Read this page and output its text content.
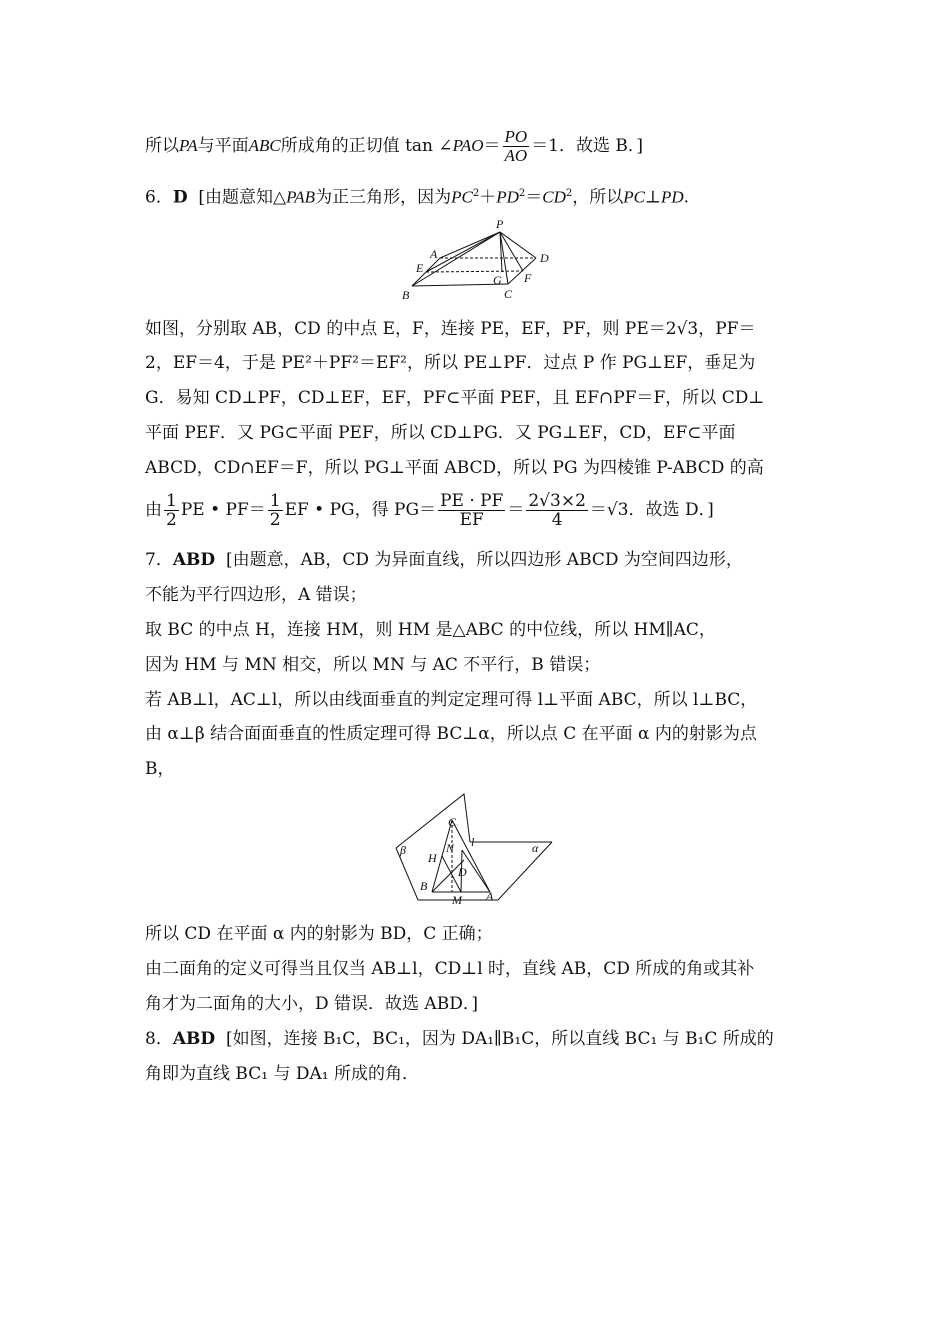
所以PA与平面ABC所成角的正切值 tan ∠PAO＝ $\frac{PO}{AO} =1$．故选 B．]
6．D [由题意知△PAB为正三角形，因为$PC^2+PD^2=CD^2$，所以PC⊥PD.
P
A
E
B
D
F
G
C
如图，分别取 AB，CD 的中点 E，F，连接 PE，EF，PF，则 PE＝2√3，PF＝
2，EF＝4，于是 PE²＋PF²＝EF²，所以 PE⊥PF．过点 P 作 PG⊥EF，垂足为
G．易知 CD⊥PF，CD⊥EF，EF，PF⊂平面 PEF，且 EF∩PF＝F，所以 CD⊥
平面 PEF．又 PG⊂平面 PEF，所以 CD⊥PG．又 PG⊥EF，CD，EF⊂平面
ABCD，CD∩EF＝F，所以 PG⊥平面 ABCD，所以 PG 为四棱锥 P-ABCD 的高
由 $\frac{1}{2}$ PE • $PF= \frac{1}{2}$ EF • PG，得 $PG= \frac{PE \cdot PF}{EF} = \frac{2√3\times 2}{4} =√3$．故选 D．]
7．ABD [由题意，AB，CD 为异面直线，所以四边形 ABCD 为空间四边形，
不能为平行四边形，A 错误；
取 BC 的中点 H，连接 HM，则 HM 是△ABC 的中位线，所以 HM∥AC，
因为 HM 与 MN 相交，所以 MN 与 AC 不平行，B 错误；
若 AB⊥l，AC⊥l，所以由线面垂直的判定定理可得 l⊥平面 ABC，所以 l⊥BC，
由 α⊥β 结合面面垂直的性质定理可得 BC⊥α，所以点 C 在平面 α 内的射影为点
B，
β
C
l	α
N
H
D
B
M A
所以 CD 在平面 α 内的射影为 BD，C 正确；
由二面角的定义可得当且仅当 AB⊥l，CD⊥l 时，直线 AB，CD 所成的角或其补
角才为二面角的大小，D 错误．故选 ABD．]
8．ABD [如图，连接 B₁C，BC₁，因为 DA₁∥B₁C，所以直线 BC₁ 与 B₁C 所成的
角即为直线 BC₁ 与 DA₁ 所成的角．
